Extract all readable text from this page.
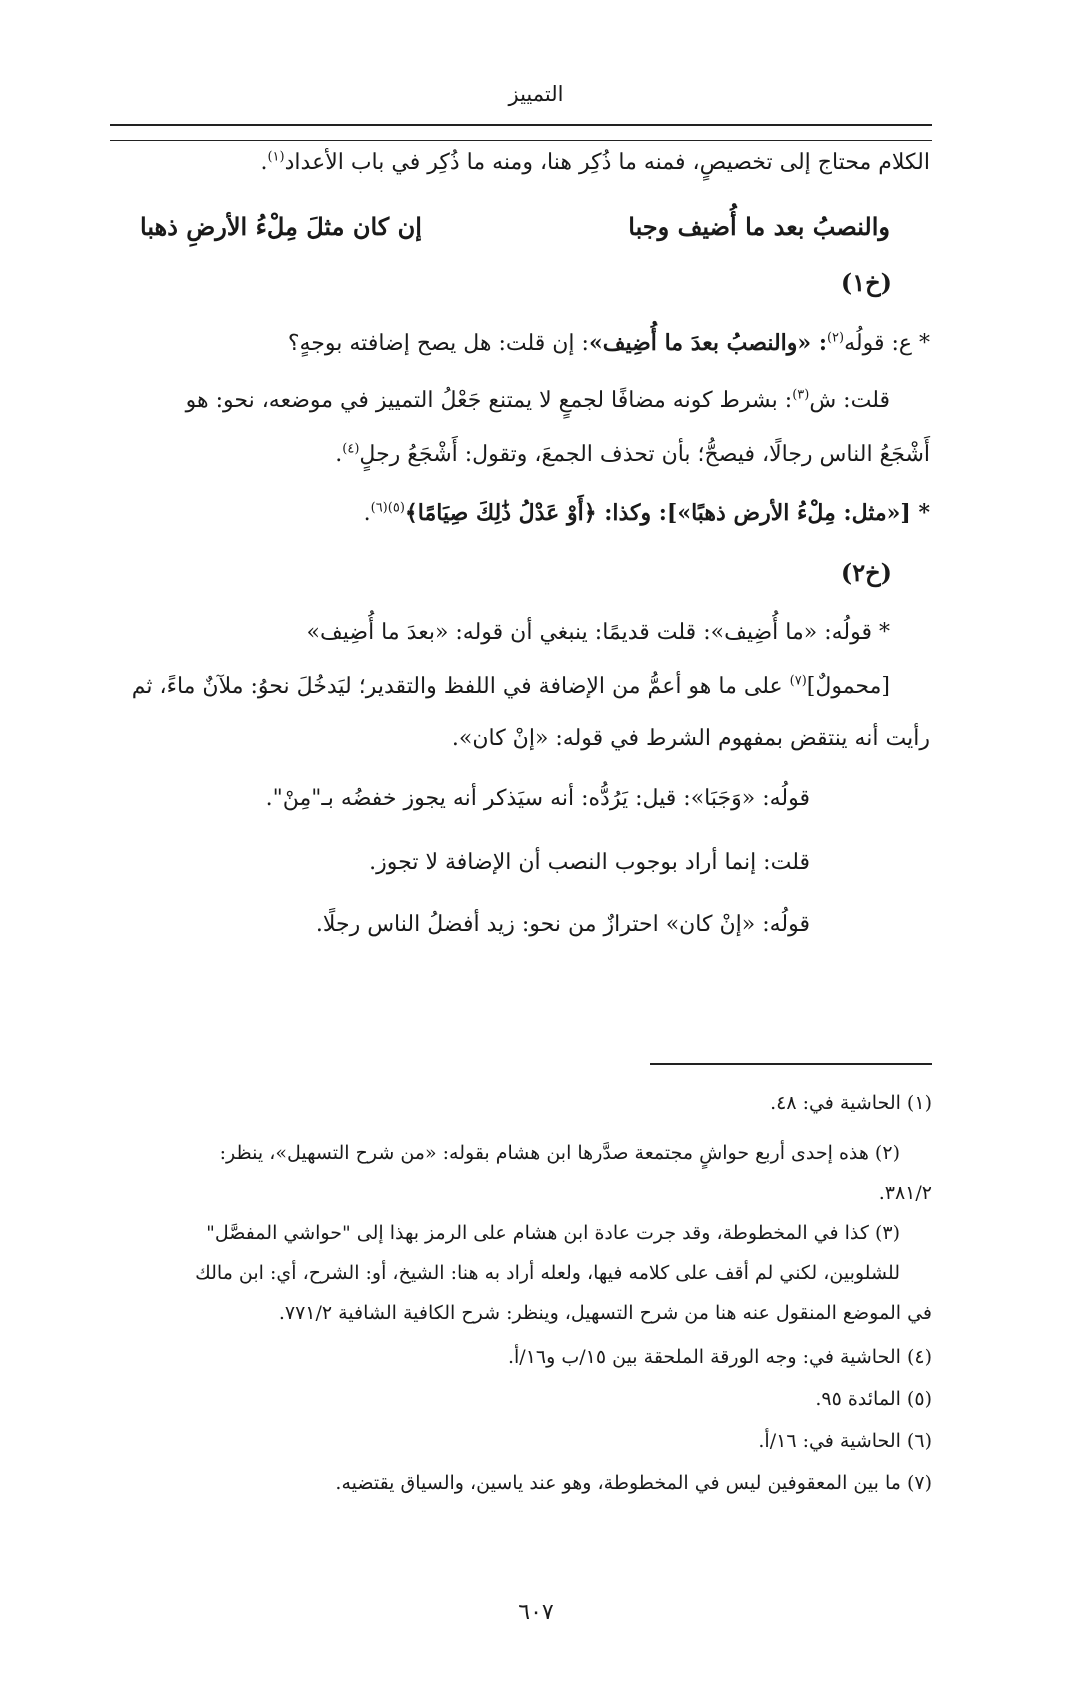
التمييز
الكلام محتاج إلى تخصيصٍ، فمنه ما ذُكِر هنا، ومنه ما ذُكِر في باب الأعداد$^{(١)}$.
والنصبُ بعد ما أُضيف وجبا
إن كان مثلَ مِلْءُ الأرضِ ذهبا
(خ١)
* ع: قولُه$^{(٢)}$: «والنصبُ بعدَ ما أُضِيف»: إن قلت: هل يصح إضافته بوجهٍ؟
قلت: ش$^{(٣)}$: بشرط كونه مضافًا لجمعٍ لا يمتنع جَعْلُ التمييز في موضعه، نحو: هو
أَشْجَعُ الناس رجالًا، فيصحُّ؛ بأن تحذف الجمعَ، وتقول: أَشْجَعُ رجلٍ$^{(٤)}$.
* [«مثل: مِلْءُ الأرض ذهبًا»]: وكذا: ﴿أَوْ عَدْلُ ذَٰلِكَ صِيَامًا﴾$^{(٥)(٦)}$.
(خ٢)
* قولُه: «ما أُضِيف»: قلت قديمًا: ينبغي أن قوله: «بعدَ ما أُضِيف»
[محمولٌ]$^{(٧)}$ على ما هو أعمُّ من الإضافة في اللفظ والتقدير؛ ليَدخُلَ نحوُ: ملآنٌ ماءً، ثم
رأيت أنه ينتقض بمفهوم الشرط في قوله: «إنْ كان».
قولُه: «وَجَبَا»: قيل: يَرُدُّه: أنه سيَذكر أنه يجوز خفضُه بـ"مِنْ".
قلت: إنما أراد بوجوب النصب أن الإضافة لا تجوز.
قولُه: «إنْ كان» احترازٌ من نحو: زيد أفضلُ الناس رجلًا.
(١) الحاشية في: ٤٨.
(٢) هذه إحدى أربع حواشٍ مجتمعة صدَّرها ابن هشام بقوله: «من شرح التسهيل»، ينظر:
٣٨١/٢.
(٣) كذا في المخطوطة، وقد جرت عادة ابن هشام على الرمز بهذا إلى "حواشي المفصَّل"
للشلوبين، لكني لم أقف على كلامه فيها، ولعله أراد به هنا: الشيخ، أو: الشرح، أي: ابن مالك
في الموضع المنقول عنه هنا من شرح التسهيل، وينظر: شرح الكافية الشافية ٧٧١/٢.
(٤) الحاشية في: وجه الورقة الملحقة بين ١٥/ب و١٦/أ.
(٥) المائدة ٩٥.
(٦) الحاشية في: ١٦/أ.
(٧) ما بين المعقوفين ليس في المخطوطة، وهو عند ياسين، والسياق يقتضيه.
٦٠٧
